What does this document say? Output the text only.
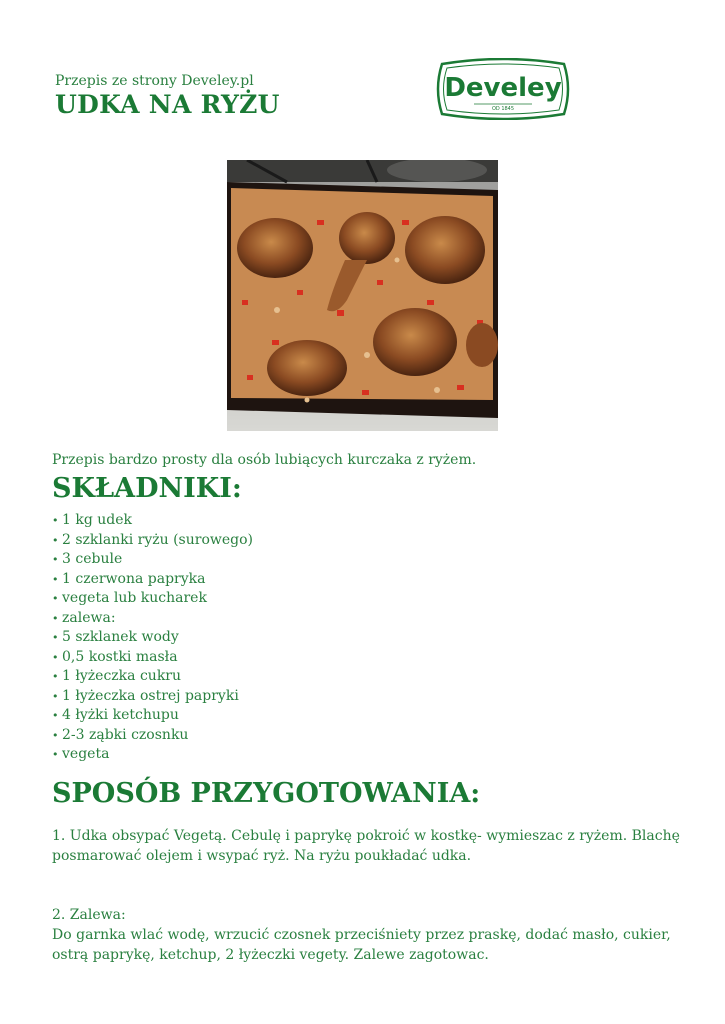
Przepis ze strony Develey.pl
UDKA NA RYŻU
Develey
OD 1845
Przepis bardzo prosty dla osób lubiących kurczaka z ryżem.
SKŁADNIKI:
• 1 kg udek
• 2 szklanki ryżu (surowego)
• 3 cebule
• 1 czerwona papryka
• vegeta lub kucharek
• zalewa:
• 5 szklanek wody
• 0,5 kostki masła
• 1 łyżeczka cukru
• 1 łyżeczka ostrej papryki
• 4 łyżki ketchupu
• 2-3 ząbki czosnku
• vegeta
SPOSÓB PRZYGOTOWANIA:

1. Udka obsypać Vegetą. Cebulę i paprykę pokroić w kostkę- wymieszac z ryżem. Blachę posmarować olejem i wsypać ryż. Na ryżu poukładać udka.

2. Zalewa:
Do garnka wlać wodę, wrzucić czosnek przeciśniety przez praskę, dodać masło, cukier, ostrą paprykę, ketchup, 2 łyżeczki vegety. Zalewe zagotowac.
